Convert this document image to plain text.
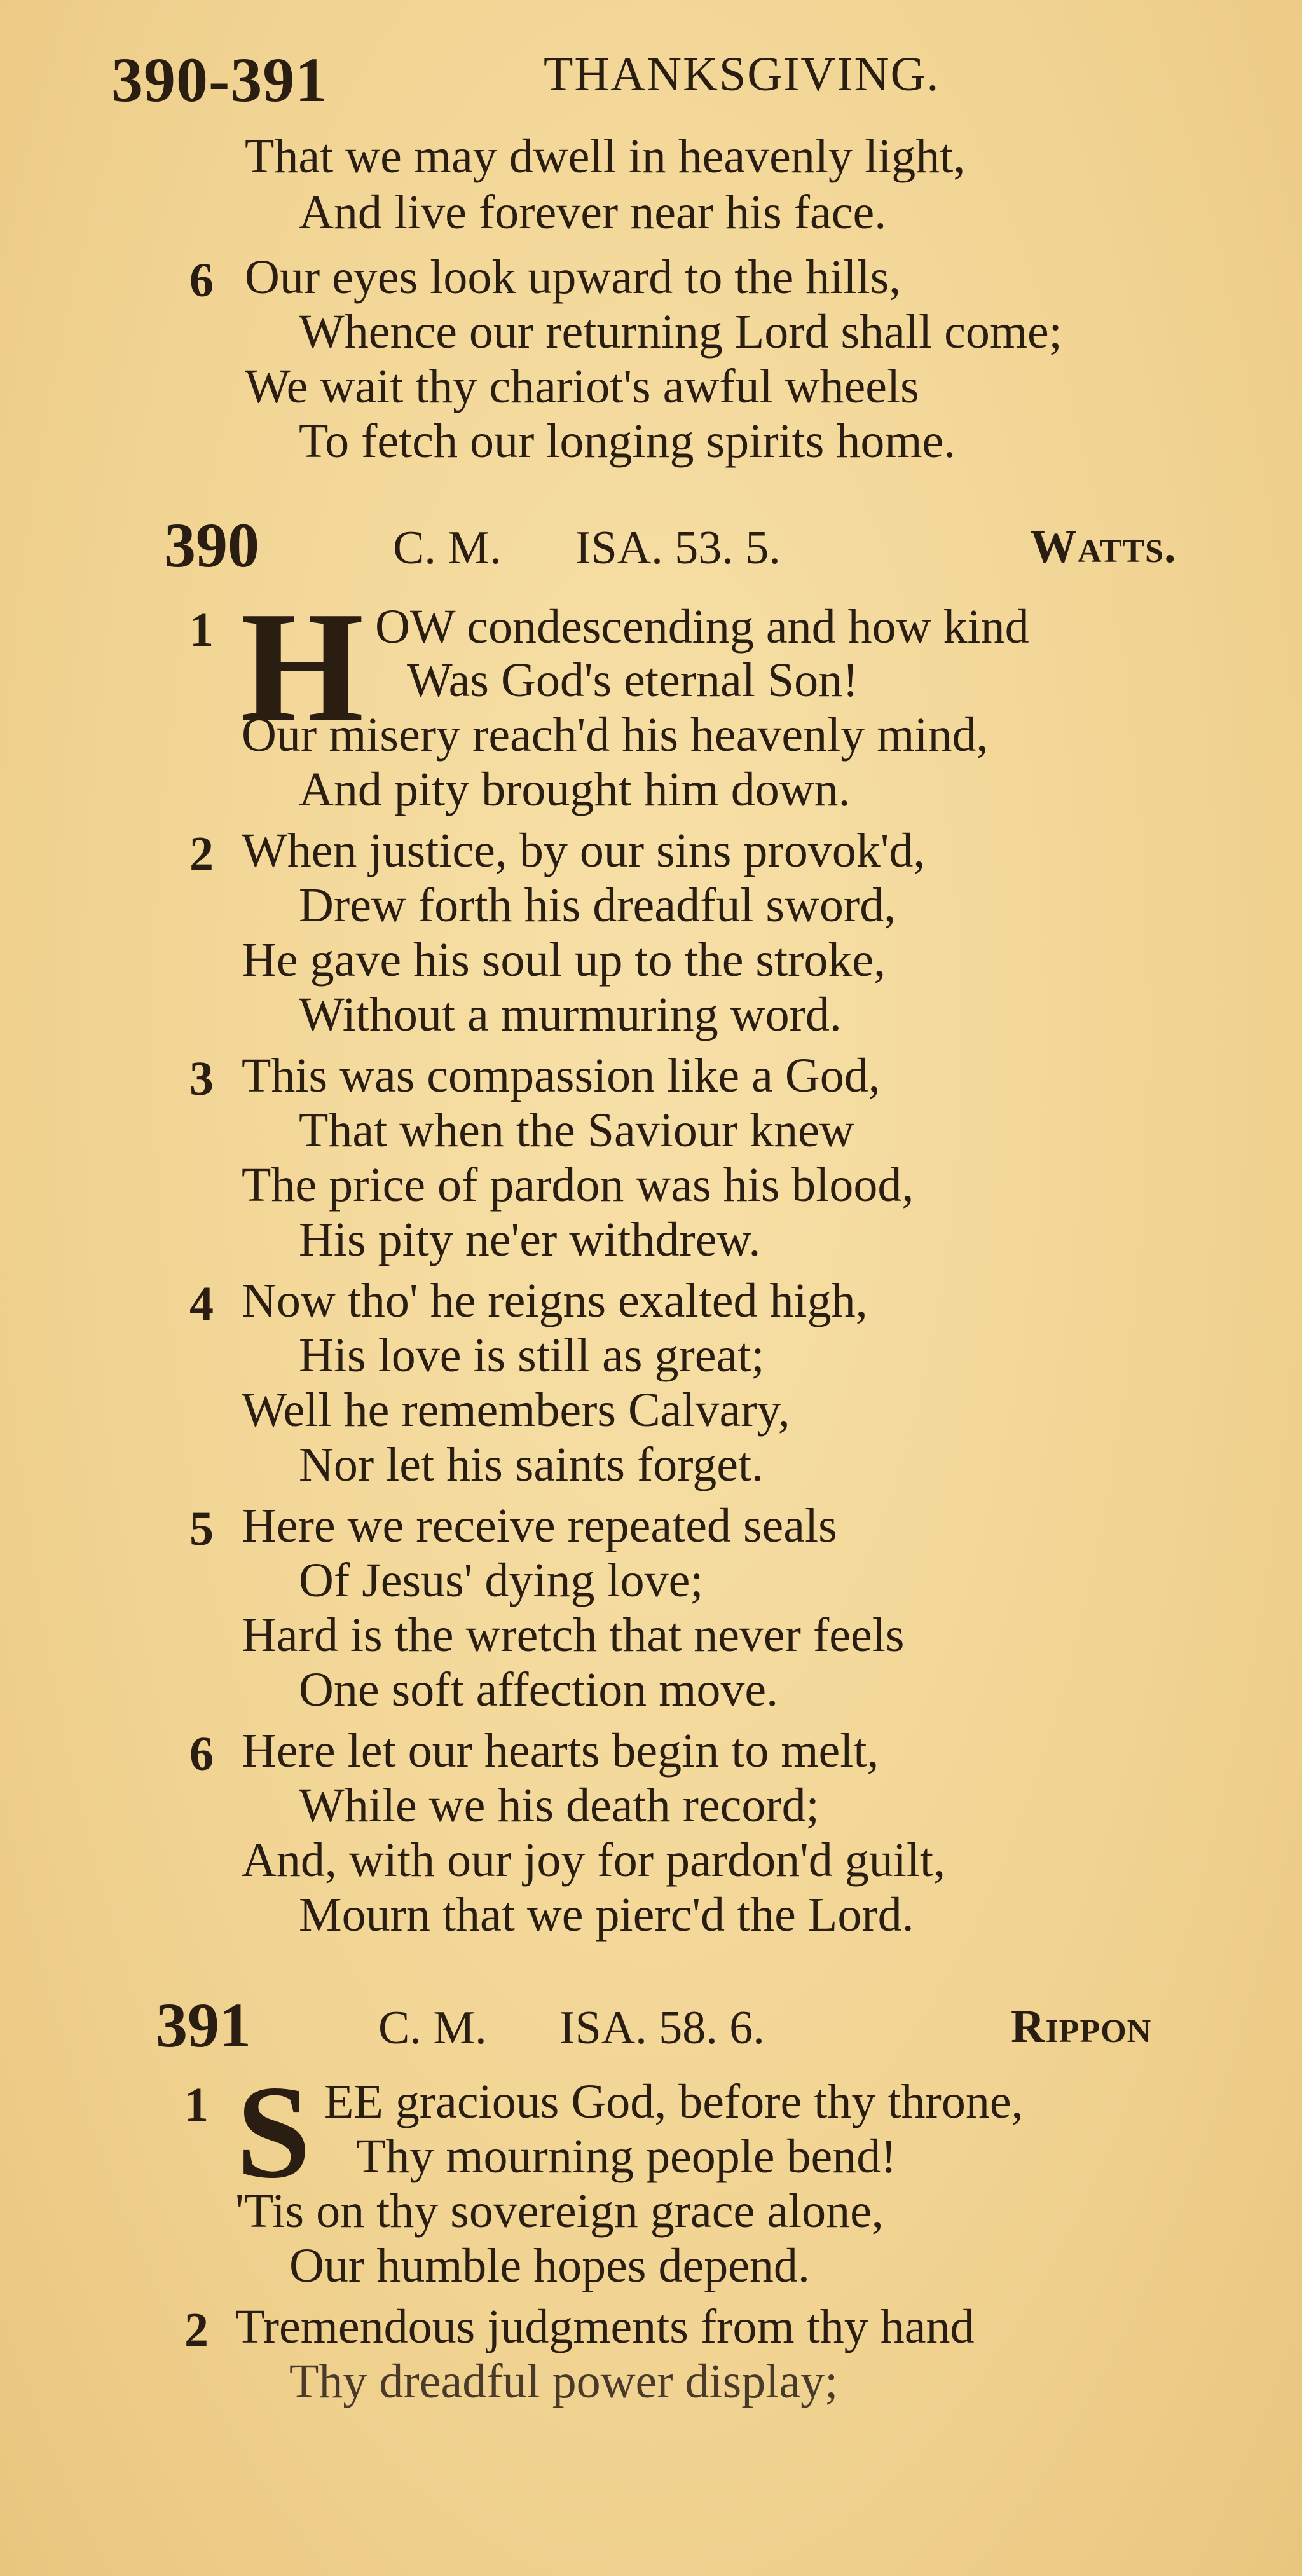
390-391	THANKSGIVING.
That we may dwell in heavenly light,
And live forever near his face.
6 Our eyes look upward to the hills,
Whence our returning Lord shall come;
We wait thy chariot's awful wheels
To fetch our longing spirits home.
390	C. M. ISA. 53. 5.	Watts.
1 H OW condescending and how kind
Was God's eternal Son!
Our misery reach'd his heavenly mind,
And pity brought him down.
2 When justice, by our sins provok'd,
Drew forth his dreadful sword,
He gave his soul up to the stroke,
Without a murmuring word.
3 This was compassion like a God,
That when the Saviour knew
The price of pardon was his blood,
His pity ne'er withdrew.
4 Now tho' he reigns exalted high,
His love is still as great;
Well he remembers Calvary,
Nor let his saints forget.
5 Here we receive repeated seals
Of Jesus' dying love;
Hard is the wretch that never feels
One soft affection move.
6 Here let our hearts begin to melt,
While we his death record;
And, with our joy for pardon'd guilt,
Mourn that we pierc'd the Lord.
391	C. M. ISA. 58. 6.	Rippon
1 S EE gracious God, before thy throne,
Thy mourning people bend!
'Tis on thy sovereign grace alone,
Our humble hopes depend.
2 Tremendous judgments from thy hand
Thy dreadful power display;
